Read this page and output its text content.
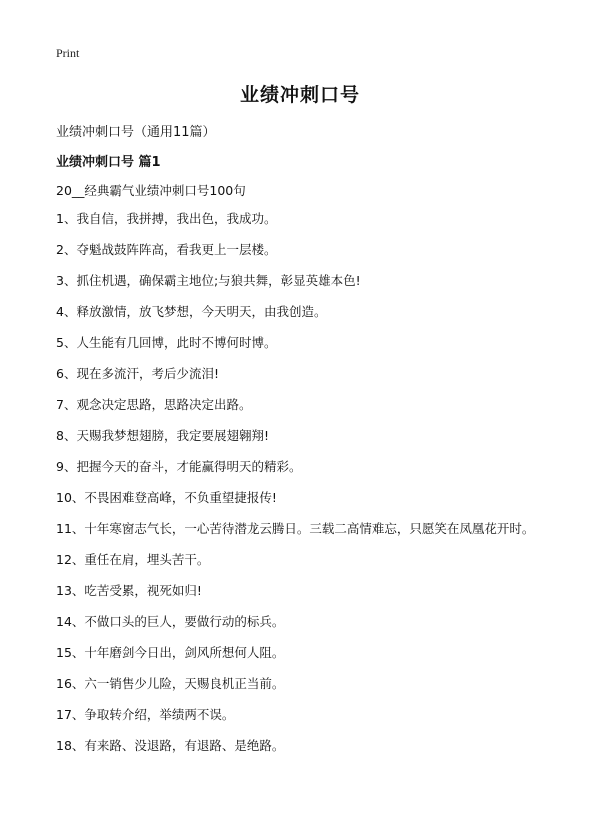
Print
业绩冲刺口号
业绩冲刺口号（通用11篇）
业绩冲刺口号 篇1
20__经典霸气业绩冲刺口号100句
1、我自信，我拼搏，我出色，我成功。
2、夺魁战鼓阵阵高，看我更上一层楼。
3、抓住机遇，确保霸主地位;与狼共舞，彰显英雄本色!
4、释放激情，放飞梦想，今天明天，由我创造。
5、人生能有几回博，此时不博何时博。
6、现在多流汗，考后少流泪!
7、观念决定思路，思路决定出路。
8、天赐我梦想翅膀，我定要展翅翱翔!
9、把握今天的奋斗，才能赢得明天的精彩。
10、不畏困难登高峰，不负重望捷报传!
11、十年寒窗志气长，一心苦待潜龙云腾日。三载二高情难忘，只愿笑在凤凰花开时。
12、重任在肩，埋头苦干。
13、吃苦受累，视死如归!
14、不做口头的巨人，要做行动的标兵。
15、十年磨剑今日出，剑风所想何人阻。
16、六一销售少儿险，天赐良机正当前。
17、争取转介绍，举绩两不误。
18、有来路、没退路，有退路、是绝路。
